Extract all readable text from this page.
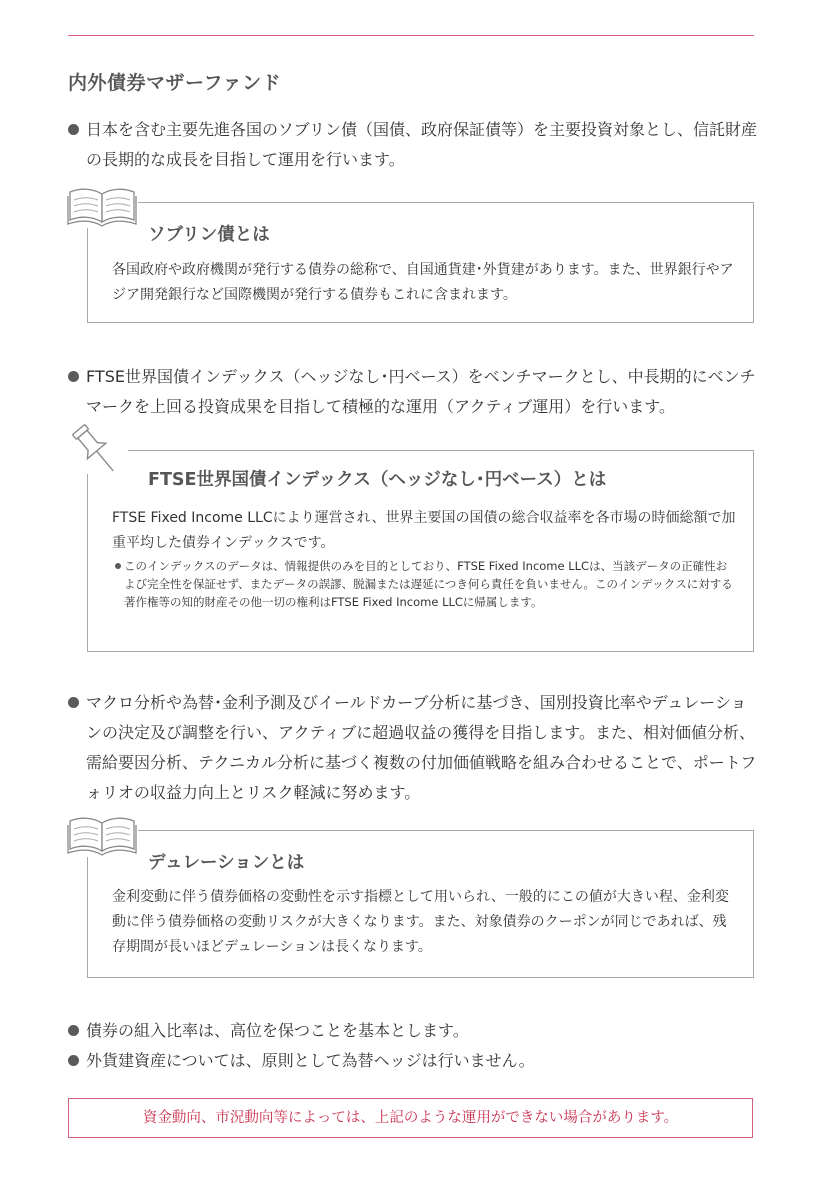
内外債券マザーファンド
日本を含む主要先進各国のソブリン債（国債、政府保証債等）を主要投資対象とし、信託財産の長期的な成長を目指して運用を行います。
ソブリン債とは
各国政府や政府機関が発行する債券の総称で、自国通貨建･外貨建があります。また、世界銀行やアジア開発銀行など国際機関が発行する債券もこれに含まれます。
FTSE世界国債インデックス（ヘッジなし･円ベース）をベンチマークとし、中長期的にベンチマークを上回る投資成果を目指して積極的な運用（アクティブ運用）を行います。
FTSE世界国債インデックス（ヘッジなし･円ベース）とは
FTSE Fixed Income LLCにより運営され、世界主要国の国債の総合収益率を各市場の時価総額で加重平均した債券インデックスです。
このインデックスのデータは、情報提供のみを目的としており、FTSE Fixed Income LLCは、当該データの正確性および完全性を保証せず、またデータの誤謬、脱漏または遅延につき何ら責任を負いません。このインデックスに対する著作権等の知的財産その他一切の権利はFTSE Fixed Income LLCに帰属します。
マクロ分析や為替･金利予測及びイールドカーブ分析に基づき、国別投資比率やデュレーションの決定及び調整を行い、アクティブに超過収益の獲得を目指します。また、相対価値分析、需給要因分析、テクニカル分析に基づく複数の付加価値戦略を組み合わせることで、ポートフォリオの収益力向上とリスク軽減に努めます。
デュレーションとは
金利変動に伴う債券価格の変動性を示す指標として用いられ、一般的にこの値が大きい程、金利変動に伴う債券価格の変動リスクが大きくなります。また、対象債券のクーポンが同じであれば、残存期間が長いほどデュレーションは長くなります。
債券の組入比率は、高位を保つことを基本とします。
外貨建資産については、原則として為替ヘッジは行いません。
資金動向、市況動向等によっては、上記のような運用ができない場合があります。
